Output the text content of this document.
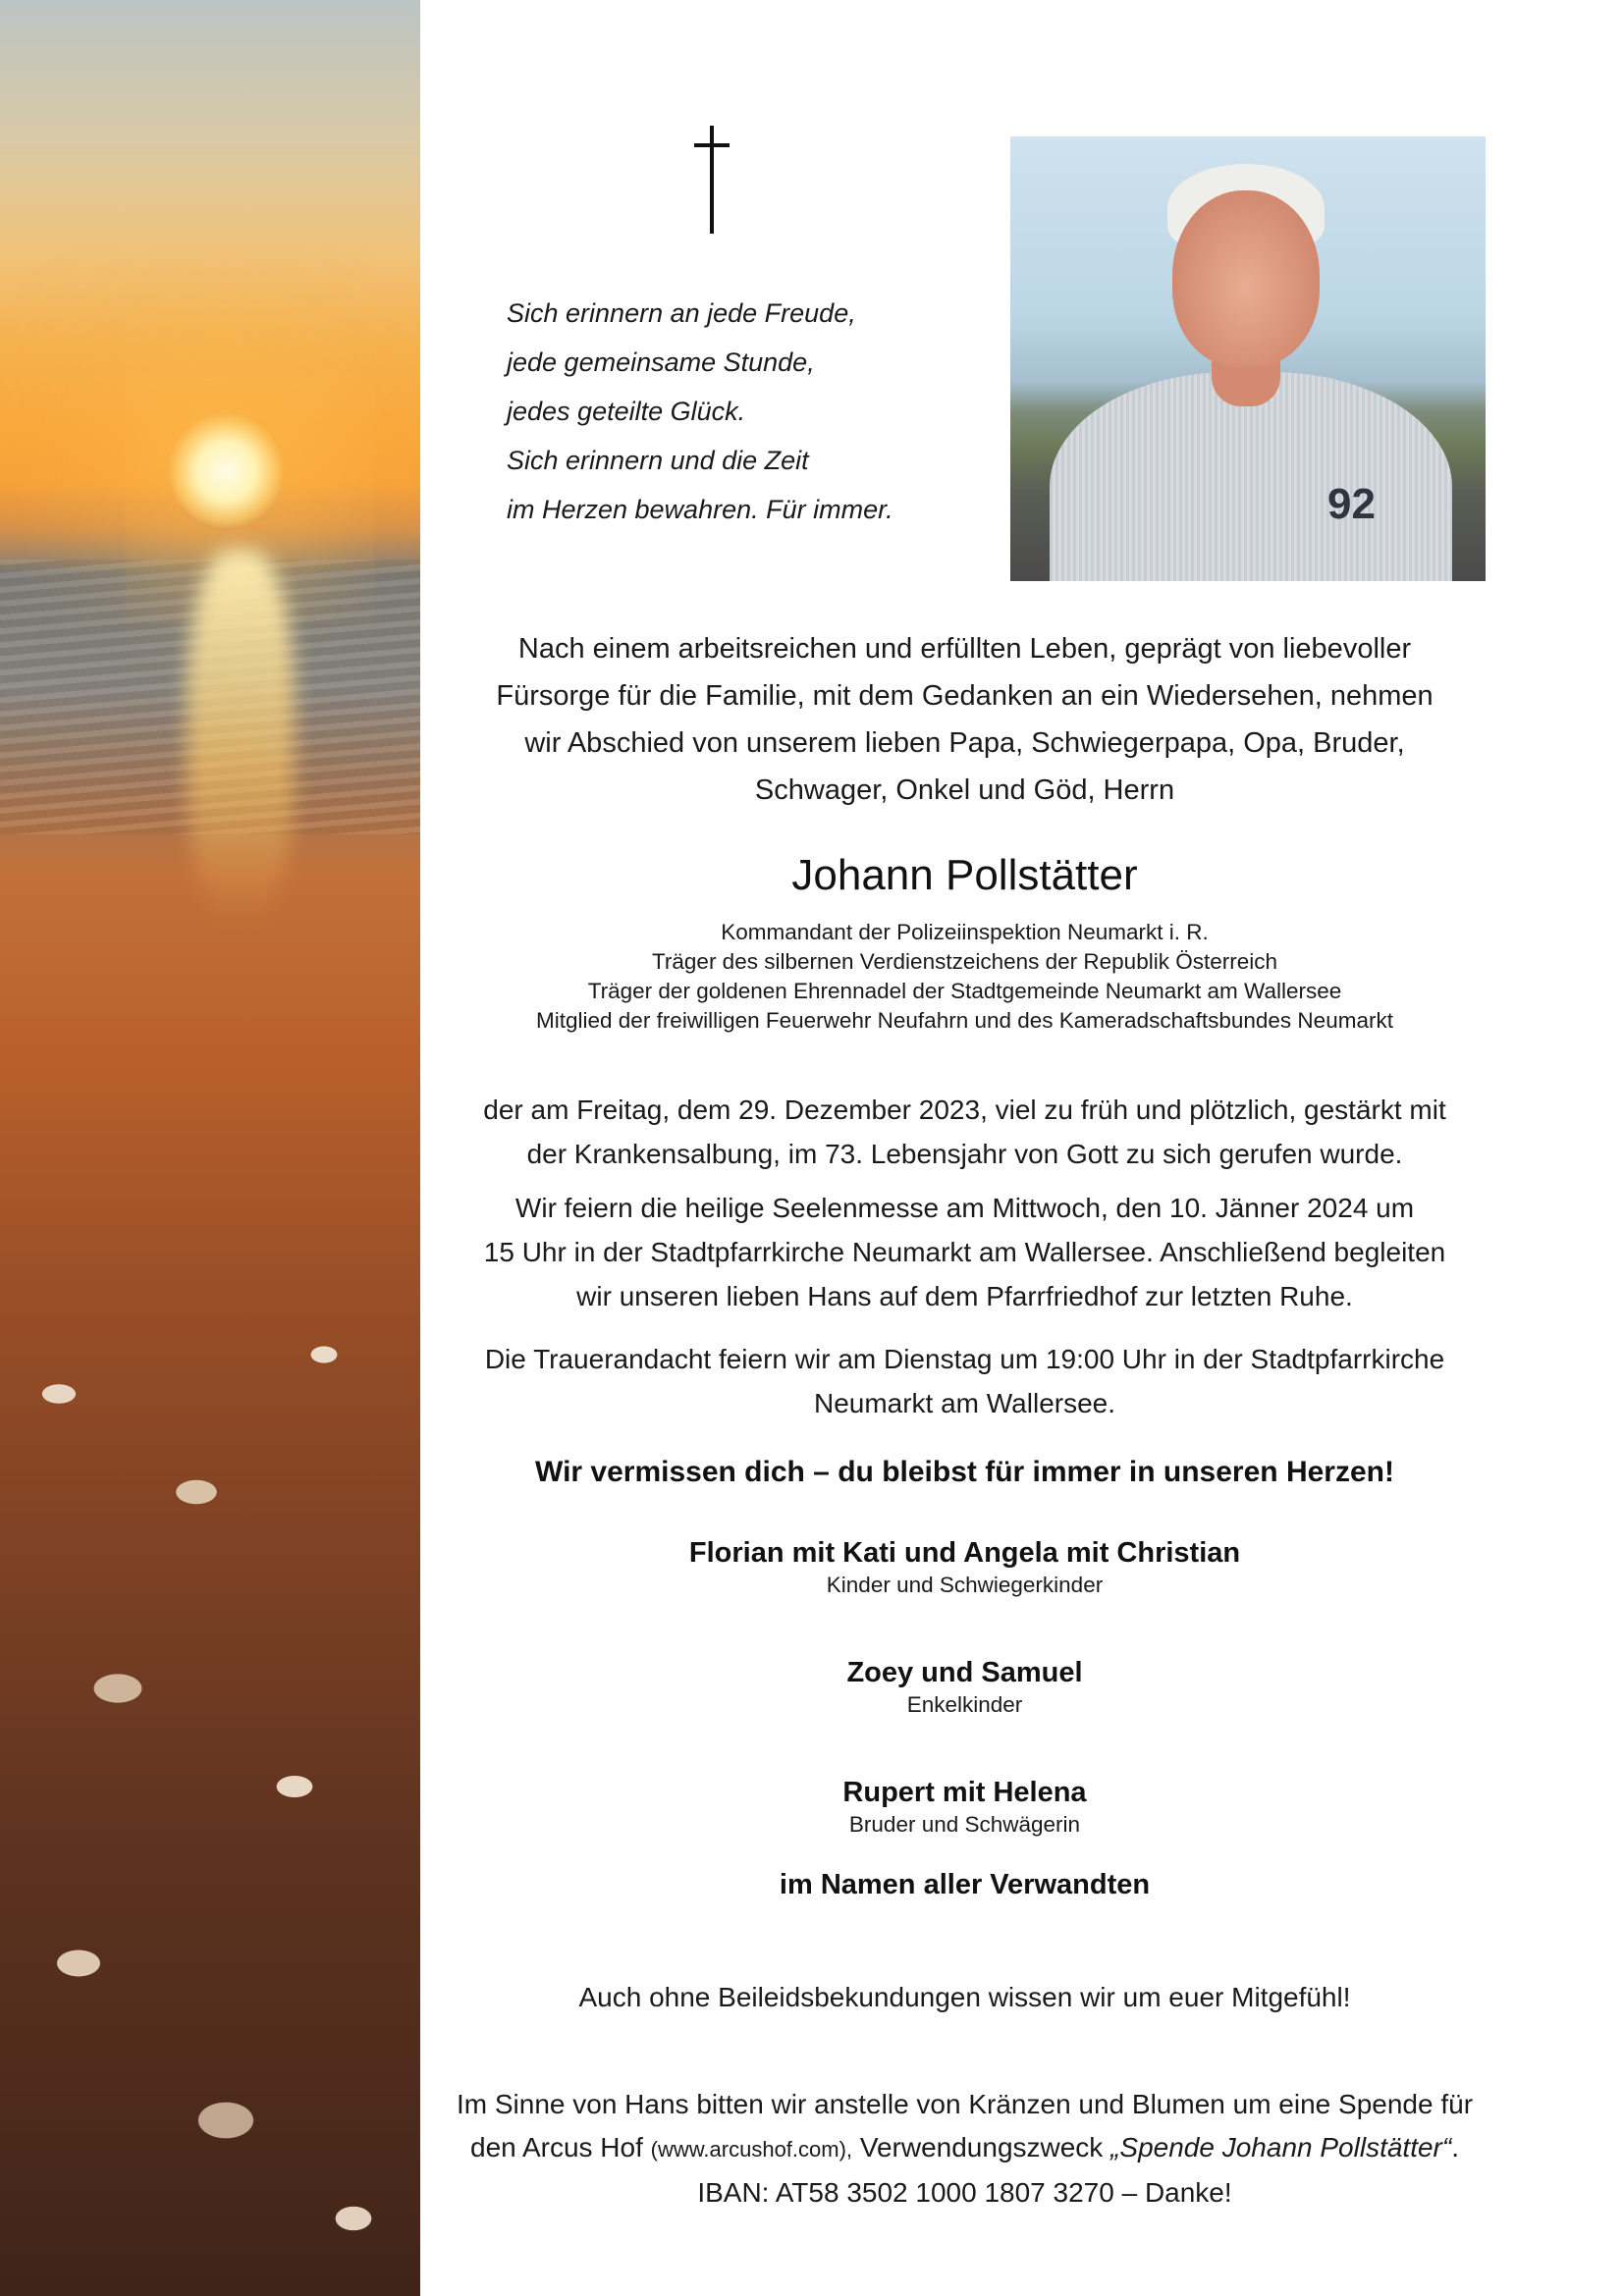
Sich erinnern an jede Freude,
jede gemeinsame Stunde,
jedes geteilte Glück.
Sich erinnern und die Zeit
im Herzen bewahren. Für immer.	92
Nach einem arbeitsreichen und erfüllten Leben, geprägt von liebevoller
Fürsorge für die Familie, mit dem Gedanken an ein Wiedersehen, nehmen
wir Abschied von unserem lieben Papa, Schwiegerpapa, Opa, Bruder,
Schwager, Onkel und Göd, Herrn
Johann Pollstätter
Kommandant der Polizeiinspektion Neumarkt i. R.
Träger des silbernen Verdienstzeichens der Republik Österreich
Träger der goldenen Ehrennadel der Stadtgemeinde Neumarkt am Wallersee
Mitglied der freiwilligen Feuerwehr Neufahrn und des Kameradschaftsbundes Neumarkt
der am Freitag, dem 29. Dezember 2023, viel zu früh und plötzlich, gestärkt mit
der Krankensalbung, im 73. Lebensjahr von Gott zu sich gerufen wurde.
Wir feiern die heilige Seelenmesse am Mittwoch, den 10. Jänner 2024 um
15 Uhr in der Stadtpfarrkirche Neumarkt am Wallersee. Anschließend begleiten
wir unseren lieben Hans auf dem Pfarrfriedhof zur letzten Ruhe.
Die Trauerandacht feiern wir am Dienstag um 19:00 Uhr in der Stadtpfarrkirche
Neumarkt am Wallersee.
Wir vermissen dich – du bleibst für immer in unseren Herzen!
Florian mit Kati und Angela mit Christian
Kinder und Schwiegerkinder
Zoey und Samuel
Enkelkinder
Rupert mit Helena
Bruder und Schwägerin
im Namen aller Verwandten
Auch ohne Beileidsbekundungen wissen wir um euer Mitgefühl!
Im Sinne von Hans bitten wir anstelle von Kränzen und Blumen um eine Spende für
den Arcus Hof (www.arcushof.com), Verwendungszweck „Spende Johann Pollstätter“.
IBAN: AT58 3502 1000 1807 3270 – Danke!
